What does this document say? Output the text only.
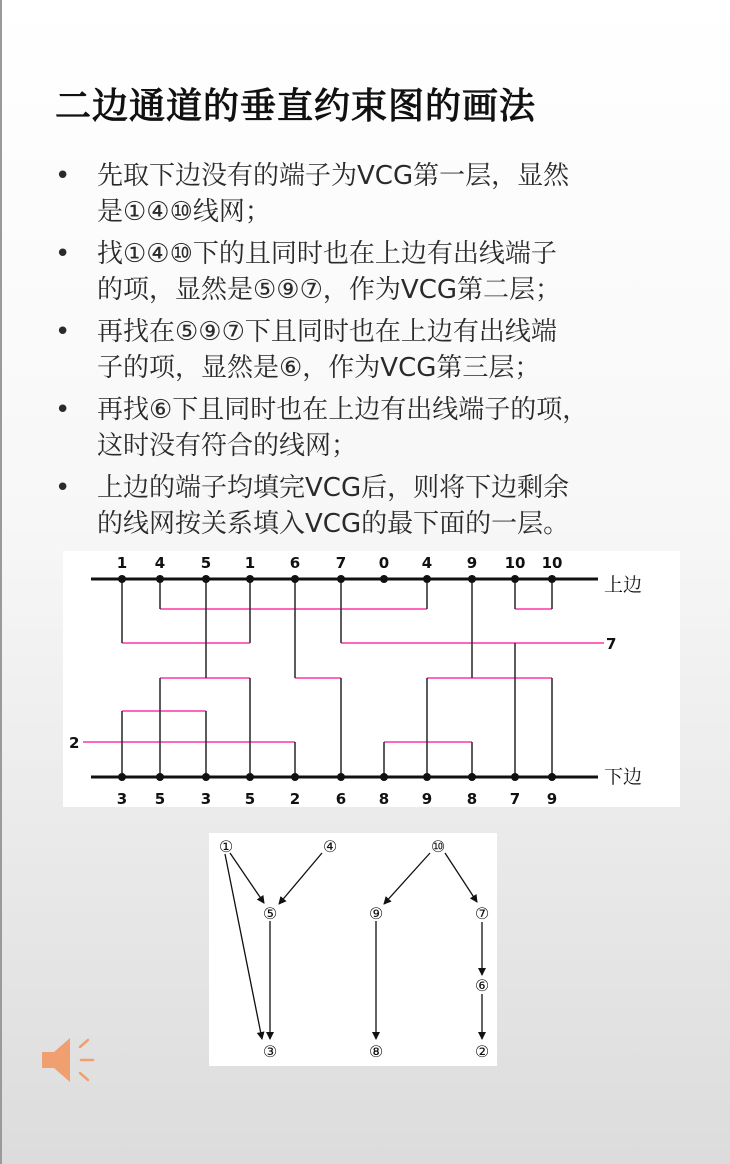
二边通道的垂直约束图的画法
• 先取下边没有的端子为VCG第一层，显然
是①④⑩线网；
• 找①④⑩下的且同时也在上边有出线端子
的项，显然是⑤⑨⑦，作为VCG第二层；
• 再找在⑤⑨⑦下且同时也在上边有出线端
子的项，显然是⑥，作为VCG第三层；
• 再找⑥下且同时也在上边有出线端子的项，
这时没有符合的线网；
• 上边的端子均填完VCG后，则将下边剩余
的线网按关系填入VCG的最下面的一层。
1 4 5 1 6 7 0 4 9 10 10
3 5 3 5 2 6 8 9 8 7 9
上边
下边
7
2
①	④	⑩
⑤	⑨	⑦
⑥
③	⑧	②
